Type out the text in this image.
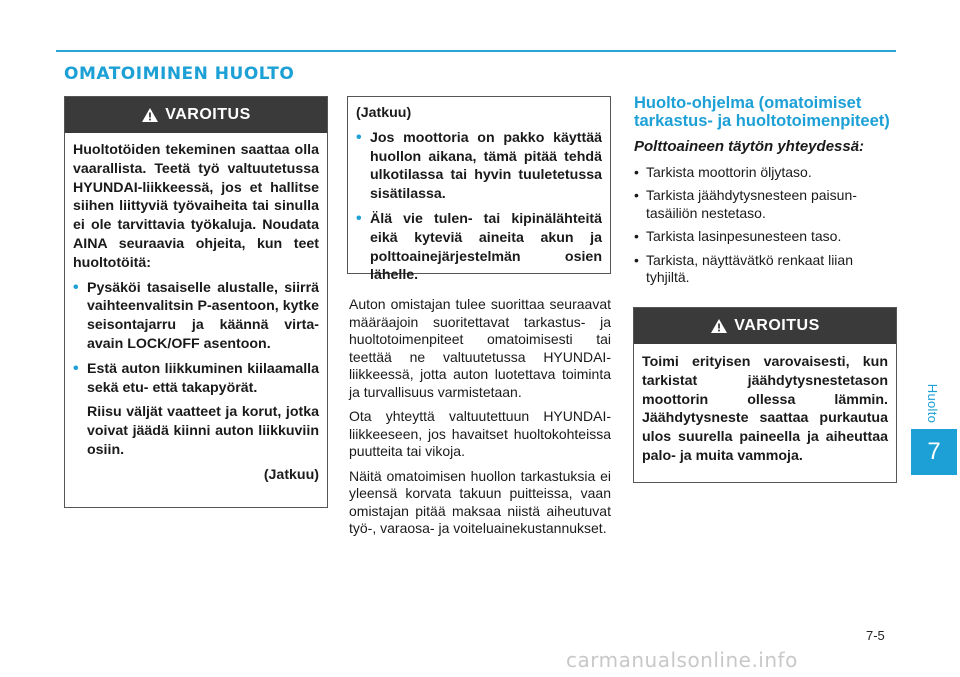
OMATOIMINEN HUOLTO
VAROITUS

Huoltotöiden tekeminen saattaa olla vaarallista. Teetä työ valtuutetussa HYUNDAI-liikkeessä, jos et hallitse siihen liittyviä työvaiheita tai sinulla ei ole tarvittavia työkaluja. Noudata AINA seuraavia ohjeita, kun teet huoltotöitä:

• Pysäköi tasaiselle alustalle, siirrä vaihteenvalitsin P-asentoon, kytke seisontajarru ja käännä virta-avain LOCK/OFF asentoon.
• Estä auton liikkuminen kiilaamalla sekä etu- että takapyörät.

Riisu väljät vaatteet ja korut, jotka voivat jäädä kiinni auton liikkuviin osiin.

(Jatkuu)

(Jatkuu)

• Jos moottoria on pakko käyttää huollon aikana, tämä pitää tehdä ulkotilassa tai hyvin tuuletetussa sisätilassa.
• Älä vie tulen- tai kipinälähteitä eikä kyteviä aineita akun ja polttoainejärjestelmän osien lähelle.

Auton omistajan tulee suorittaa seuraavat määräajoin suoritettavat tarkastus- ja huoltotoimenpiteet omatoimisesti tai teettää ne valtuutetussa HYUNDAI-liikkeessä, jotta auton luotettava toiminta ja turvallisuus varmistetaan.

Ota yhteyttä valtuutettuun HYUNDAI-liikkeeseen, jos havaitset huoltokohteissa puutteita tai vikoja.

Näitä omatoimisen huollon tarkastuksia ei yleensä korvata takuun puitteissa, vaan omistajan pitää maksaa niistä aiheutuvat työ-, varaosa- ja voiteluainekustannukset.

Huolto-ohjelma (omatoimiset tarkastus- ja huoltotoimenpiteet)
Polttoaineen täytön yhteydessä:
• Tarkista moottorin öljytaso.
• Tarkista jäähdytysnesteen paisuntasäiliön nestetaso.
• Tarkista lasinpesunesteen taso.
• Tarkista, näyttävätkö renkaat liian tyhjiltä.
VAROITUS

Toimi erityisen varovaisesti, kun tarkistat jäähdytysnestetason moottorin ollessa lämmin. Jäähdytysneste saattaa purkautua ulos suurella paineella ja aiheuttaa palo- ja muita vammoja.

Huolto
7
7-5
carmanualsonline.info
